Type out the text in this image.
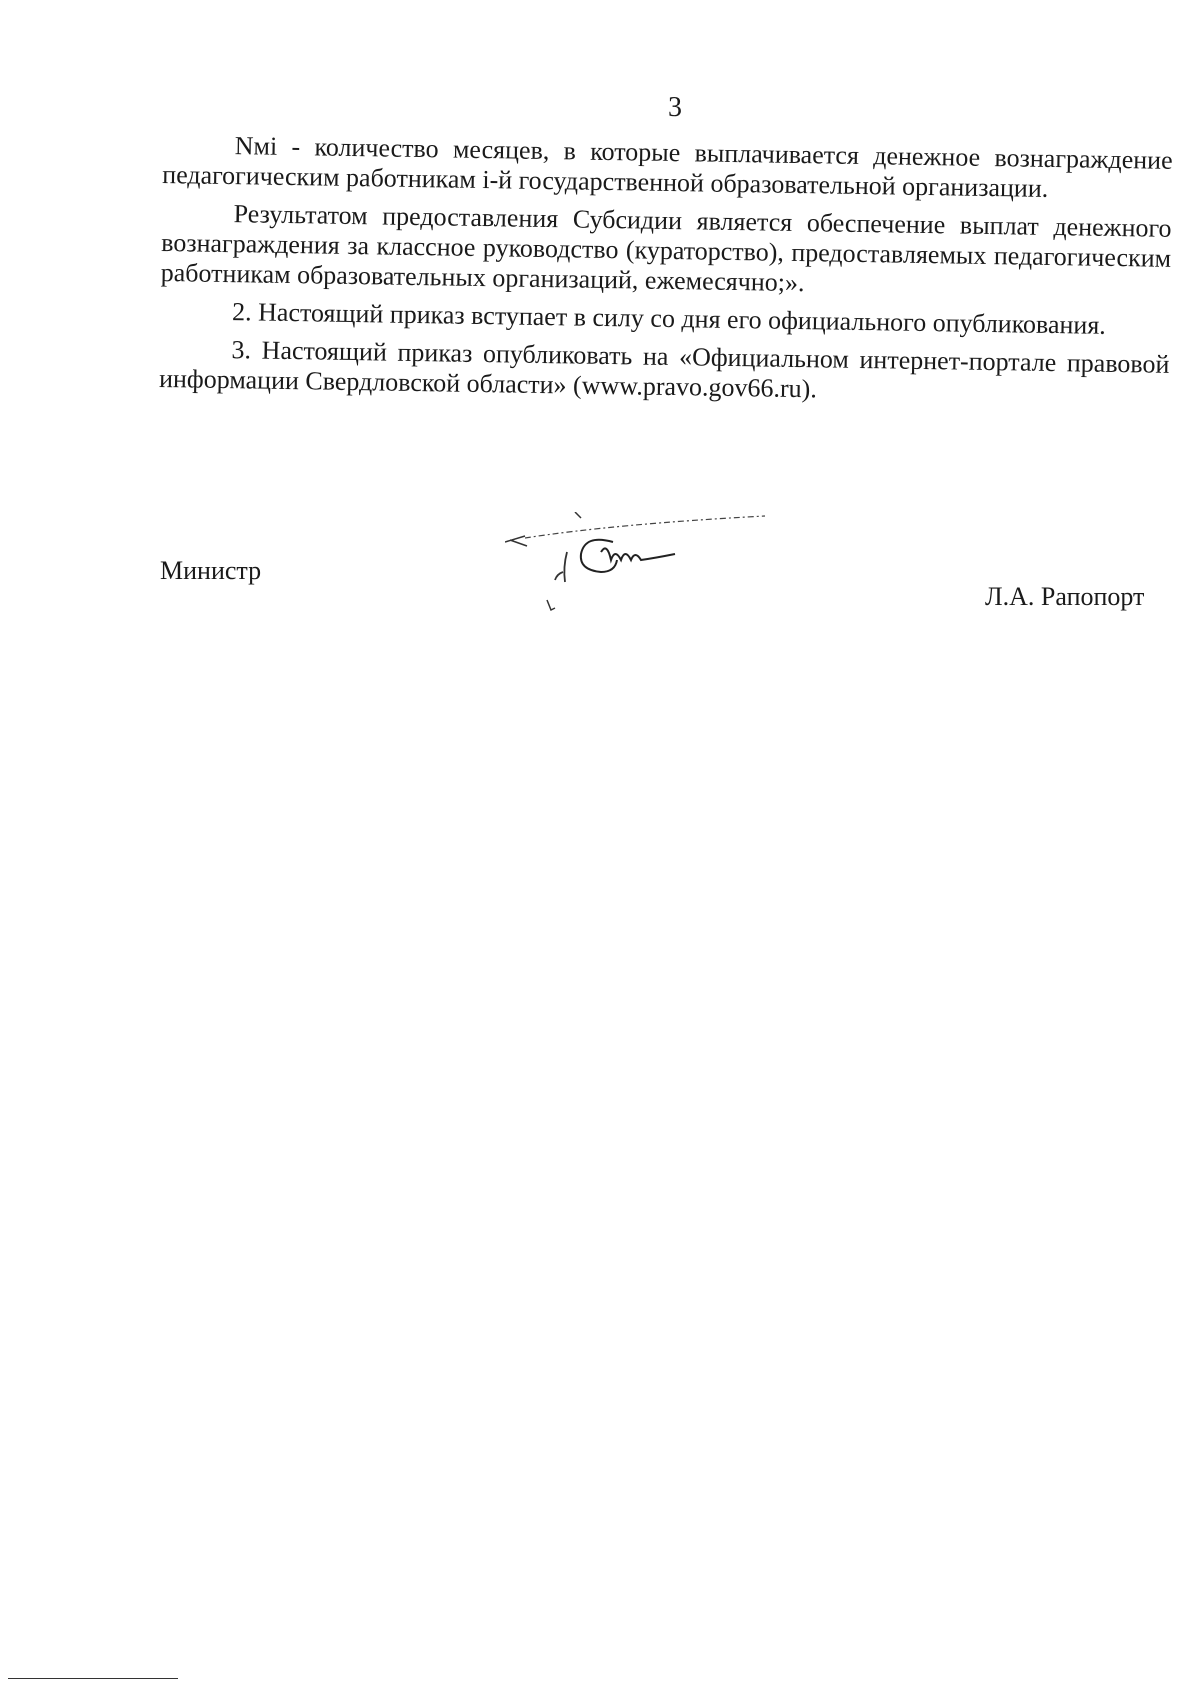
3

Nмi - количество месяцев, в которые выплачивается денежное вознаграждение педагогическим работникам i-й государственной образовательной организации.

Результатом предоставления Субсидии является обеспечение выплат денежного вознаграждения за классное руководство (кураторство), предоставляемых педагогическим работникам образовательных организаций, ежемесячно;».

2. Настоящий приказ вступает в силу со дня его официального опубликования.

3. Настоящий приказ опубликовать на «Официальном интернет-портале правовой информации Свердловской области» (www.pravo.gov66.ru).

Министр
Л.А. Рапопорт
